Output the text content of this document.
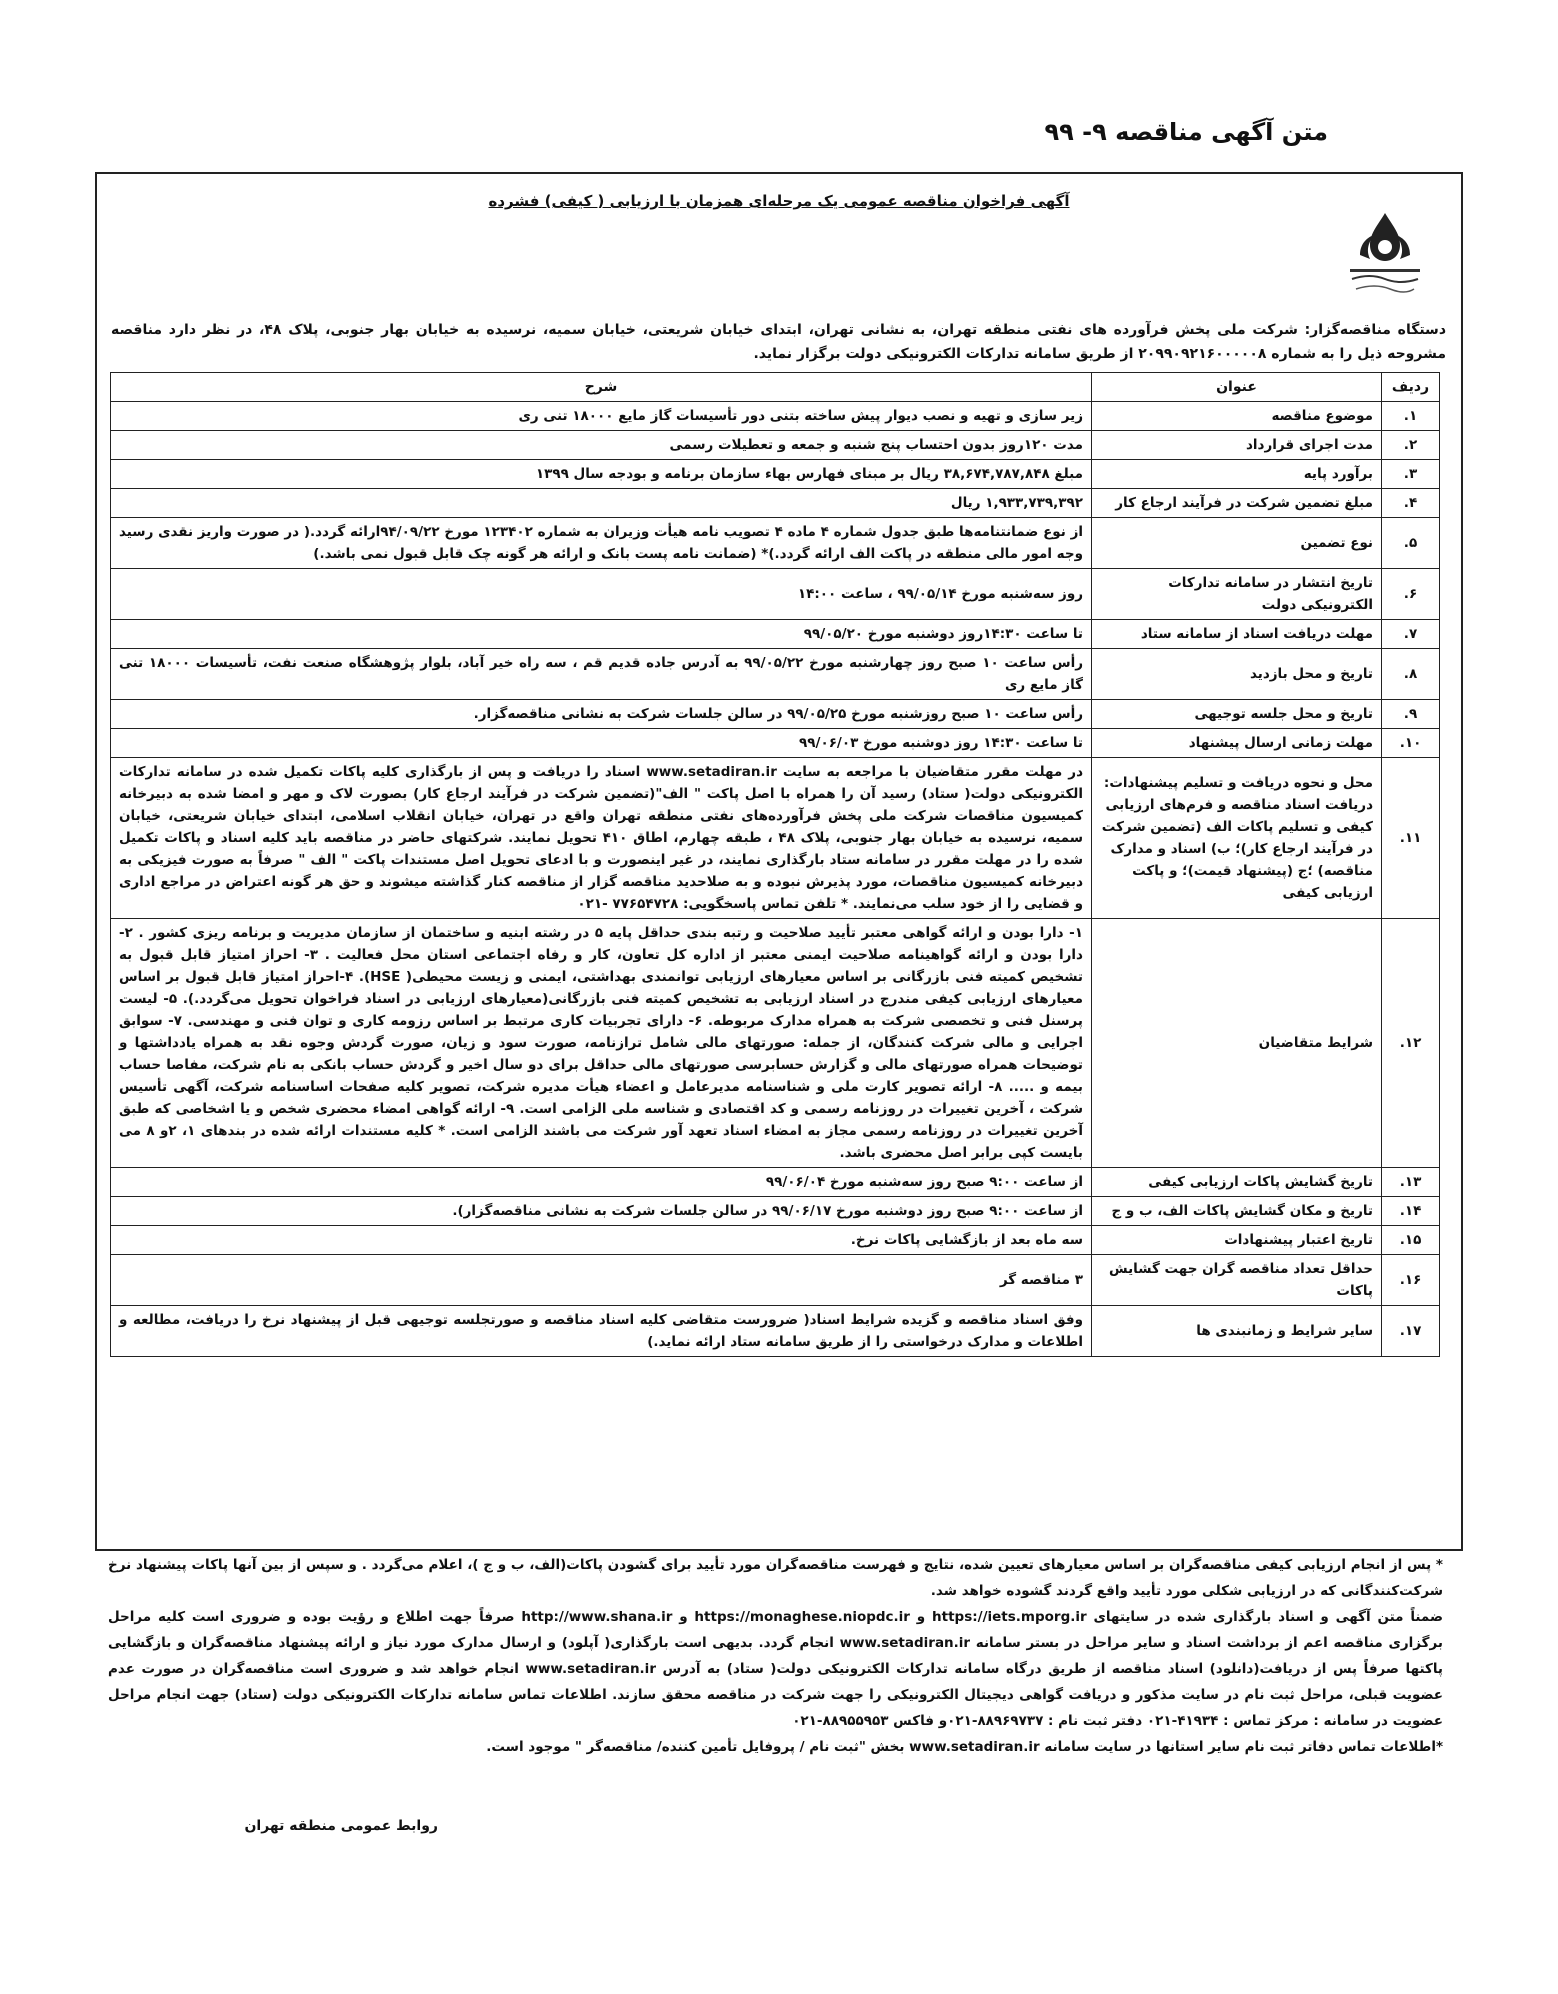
متن آگهی مناقصه ۹- ۹۹
آگهی فراخوان مناقصه عمومی یک مرحله‌ای همزمان با ارزیابی ( کیفی) فشرده
دستگاه مناقصه‌گزار: شرکت ملی پخش فرآورده های نفتی منطقه تهران، به نشانی تهران، ابتدای خیابان شریعتی، خیابان سمیه، نرسیده به خیابان بهار جنوبی، پلاک ۴۸، در نظر دارد مناقصه مشروحه ذیل را به شماره ۲۰۹۹۰۹۲۱۶۰۰۰۰۰۸ از طریق سامانه تدارکات الکترونیکی دولت برگزار نماید.
ردیف	عنوان	شرح
۱.	موضوع مناقصه	زیر سازی و تهیه و نصب دیوار پیش ساخته بتنی دور تأسیسات گاز مایع ۱۸۰۰۰ تنی ری
۲.	مدت اجرای قرارداد	مدت ۱۲۰روز بدون احتساب پنج شنبه و جمعه و تعطیلات رسمی
۳.	برآورد پایه	مبلغ ۳۸,۶۷۴,۷۸۷,۸۴۸ ریال بر مبنای فهارس بهاء سازمان برنامه و بودجه سال ۱۳۹۹
۴.	مبلغ تضمین شرکت در فرآیند ارجاع کار	۱,۹۳۳,۷۳۹,۳۹۲ ریال
۵.	نوع تضمین	از نوع ضمانتنامه‌ها طبق جدول شماره ۴ ماده ۴ تصویب نامه هیأت وزیران به شماره ۱۲۳۴۰۲ مورخ ۹۴/۰۹/۲۲ارائه گردد.( در صورت واریز نقدی رسید وجه امور مالی منطقه در پاکت الف ارائه گردد.)* (ضمانت نامه پست بانک و ارائه هر گونه چک قابل قبول نمی باشد.)
۶.	تاریخ انتشار در سامانه تدارکات الکترونیکی دولت	روز سه‌شنبه مورخ ۹۹/۰۵/۱۴ ، ساعت ۱۴:۰۰
۷.	مهلت دریافت اسناد از سامانه ستاد	تا ساعت ۱۴:۳۰روز دوشنبه مورخ ۹۹/۰۵/۲۰
۸.	تاریخ و محل بازدید	رأس ساعت ۱۰ صبح روز چهارشنبه مورخ ۹۹/۰۵/۲۲ به آدرس جاده قدیم قم ، سه راه خیر آباد، بلوار پژوهشگاه صنعت نفت، تأسیسات ۱۸۰۰۰ تنی گاز مایع ری
۹.	تاریخ و محل جلسه توجیهی	رأس ساعت ۱۰ صبح روزشنبه مورخ ۹۹/۰۵/۲۵ در سالن جلسات شرکت به نشانی مناقصه‌گزار.
۱۰.	مهلت زمانی ارسال پیشنهاد	تا ساعت ۱۴:۳۰ روز دوشنبه مورخ ۹۹/۰۶/۰۳
۱۱.	محل و نحوه دریافت و تسلیم پیشنهادات: دریافت اسناد مناقصه و فرم‌های ارزیابی کیفی و تسلیم پاکات الف (تضمین شرکت در فرآیند ارجاع کار)؛ ب) اسناد و مدارک مناقصه) ؛ج (پیشنهاد قیمت)؛ و پاکت ارزیابی کیفی	در مهلت مقرر متقاضیان با مراجعه به سایت www.setadiran.ir اسناد را دریافت و پس از بارگذاری کلیه پاکات تکمیل شده در سامانه تدارکات الکترونیکی دولت( ستاد) رسید آن را همراه با اصل پاکت " الف"(تضمین شرکت در فرآیند ارجاع کار) بصورت لاک و مهر و امضا شده به دبیرخانه کمیسیون مناقصات شرکت ملی پخش فرآورده‌های نفتی منطقه تهران واقع در تهران، خیابان انقلاب اسلامی، ابتدای خیابان شریعتی، خیابان سمیه، نرسیده به خیابان بهار جنوبی، پلاک ۴۸ ، طبقه چهارم، اطاق ۴۱۰ تحویل نمایند. شرکتهای حاضر در مناقصه باید کلیه اسناد و پاکات تکمیل شده را در مهلت مقرر در سامانه ستاد بارگذاری نمایند، در غیر اینصورت و با ادعای تحویل اصل مستندات پاکت " الف " صرفاً به صورت فیزیکی به دبیرخانه کمیسیون مناقصات، مورد پذیرش نبوده و به صلاحدید مناقصه گزار از مناقصه کنار گذاشته میشوند و حق هر گونه اعتراض در مراجع اداری و قضایی را از خود سلب می‌نمایند. * تلفن تماس پاسخگویی: ۷۷۶۵۴۷۲۸ -۰۲۱
۱۲.	شرایط متقاضیان	۱- دارا بودن و ارائه گواهی معتبر تأیید صلاحیت و رتبه بندی حداقل پایه ۵ در رشته ابنیه و ساختمان از سازمان مدیریت و برنامه ریزی کشور . ۲- دارا بودن و ارائه گواهینامه صلاحیت ایمنی معتبر از اداره کل تعاون، کار و رفاه اجتماعی استان محل فعالیت . ۳- احراز امتیاز قابل قبول به تشخیص کمیته فنی بازرگانی بر اساس معیارهای ارزیابی توانمندی بهداشتی، ایمنی و زیست محیطی( HSE). ۴-احراز امتیاز قابل قبول بر اساس معیارهای ارزیابی کیفی مندرج در اسناد ارزیابی به تشخیص کمیته فنی بازرگانی(معیارهای ارزیابی در اسناد فراخوان تحویل می‌گردد.). ۵- لیست پرسنل فنی و تخصصی شرکت به همراه مدارک مربوطه. ۶- دارای تجربیات کاری مرتبط بر اساس رزومه کاری و توان فنی و مهندسی. ۷- سوابق اجرایی و مالی شرکت کنندگان، از جمله: صورتهای مالی شامل ترازنامه، صورت سود و زیان، صورت گردش وجوه نقد به همراه یادداشتها و توضیحات همراه صورتهای مالی و گزارش حسابرسی صورتهای مالی حداقل برای دو سال اخیر و گردش حساب بانکی به نام شرکت، مفاصا حساب بیمه و ..... ۸- ارائه تصویر کارت ملی و شناسنامه مدیرعامل و اعضاء هیأت مدیره شرکت، تصویر کلیه صفحات اساسنامه شرکت، آگهی تأسیس شرکت ، آخرین تغییرات در روزنامه رسمی و کد اقتصادی و شناسه ملی الزامی است. ۹- ارائه گواهی امضاء محضری شخص و یا اشخاصی که طبق آخرین تغییرات در روزنامه رسمی مجاز به امضاء اسناد تعهد آور شرکت می باشند الزامی است. * کلیه مستندات ارائه شده در بندهای ۱، ۲و ۸ می بایست کپی برابر اصل محضری باشد.
۱۳.	تاریخ گشایش پاکات ارزیابی کیفی	از ساعت ۹:۰۰ صبح روز سه‌شنبه مورخ ۹۹/۰۶/۰۴
۱۴.	تاریخ و مکان گشایش پاکات الف، ب و ج	از ساعت ۹:۰۰ صبح روز دوشنبه مورخ ۹۹/۰۶/۱۷ در سالن جلسات شرکت به نشانی مناقصه‌گزار).
۱۵.	تاریخ اعتبار پیشنهادات	سه ماه بعد از بازگشایی پاکات نرخ.
۱۶.	حداقل تعداد مناقصه گران جهت گشایش پاکات	۳ مناقصه گر
۱۷.	سایر شرایط و زمانبندی ها	وفق اسناد مناقصه و گزیده شرایط اسناد( ضرورست متقاضی کلیه اسناد مناقصه و صورتجلسه توجیهی قبل از پیشنهاد نرخ را دریافت، مطالعه و اطلاعات و مدارک درخواستی را از طریق سامانه ستاد ارائه نماید.)

* پس از انجام ارزیابی کیفی مناقصه‌گران بر اساس معیارهای تعیین شده، نتایج و فهرست مناقصه‌گران مورد تأیید برای گشودن پاکات(الف، ب و ج )، اعلام می‌گردد . و سپس از بین آنها پاکات پیشنهاد نرخ شرکت‌کنندگانی که در ارزیابی شکلی مورد تأیید واقع گردند گشوده خواهد شد.

ضمناً متن آگهی و اسناد بارگذاری شده در سایتهای https://iets.mporg.ir و https://monaghese.niopdc.ir و http://www.shana.ir صرفاً جهت اطلاع و رؤیت بوده و ضروری است کلیه مراحل برگزاری مناقصه اعم از برداشت اسناد و سایر مراحل در بستر سامانه www.setadiran.ir انجام گردد. بدیهی است بارگذاری( آپلود) و ارسال مدارک مورد نیاز و ارائه پیشنهاد مناقصه‌گران و بازگشایی پاکتها صرفاً پس از دریافت(دانلود) اسناد مناقصه از طریق درگاه سامانه تدارکات الکترونیکی دولت( ستاد) به آدرس www.setadiran.ir انجام خواهد شد و ضروری است مناقصه‌گران در صورت عدم عضویت قبلی، مراحل ثبت نام در سایت مذکور و دریافت گواهی دیجیتال الکترونیکی را جهت شرکت در مناقصه محقق سازند. اطلاعات تماس سامانه تدارکات الکترونیکی دولت (ستاد) جهت انجام مراحل عضویت در سامانه : مرکز تماس : ۴۱۹۳۴-۰۲۱ دفتر ثبت نام : ۸۸۹۶۹۷۳۷-۰۲۱و فاکس ۸۸۹۵۵۹۵۳-۰۲۱

*اطلاعات تماس دفاتر ثبت نام سایر استانها در سایت سامانه www.setadiran.ir بخش "ثبت نام / پروفایل تأمین کننده/ مناقصه‌گر " موجود است.

روابط عمومی منطقه تهران
